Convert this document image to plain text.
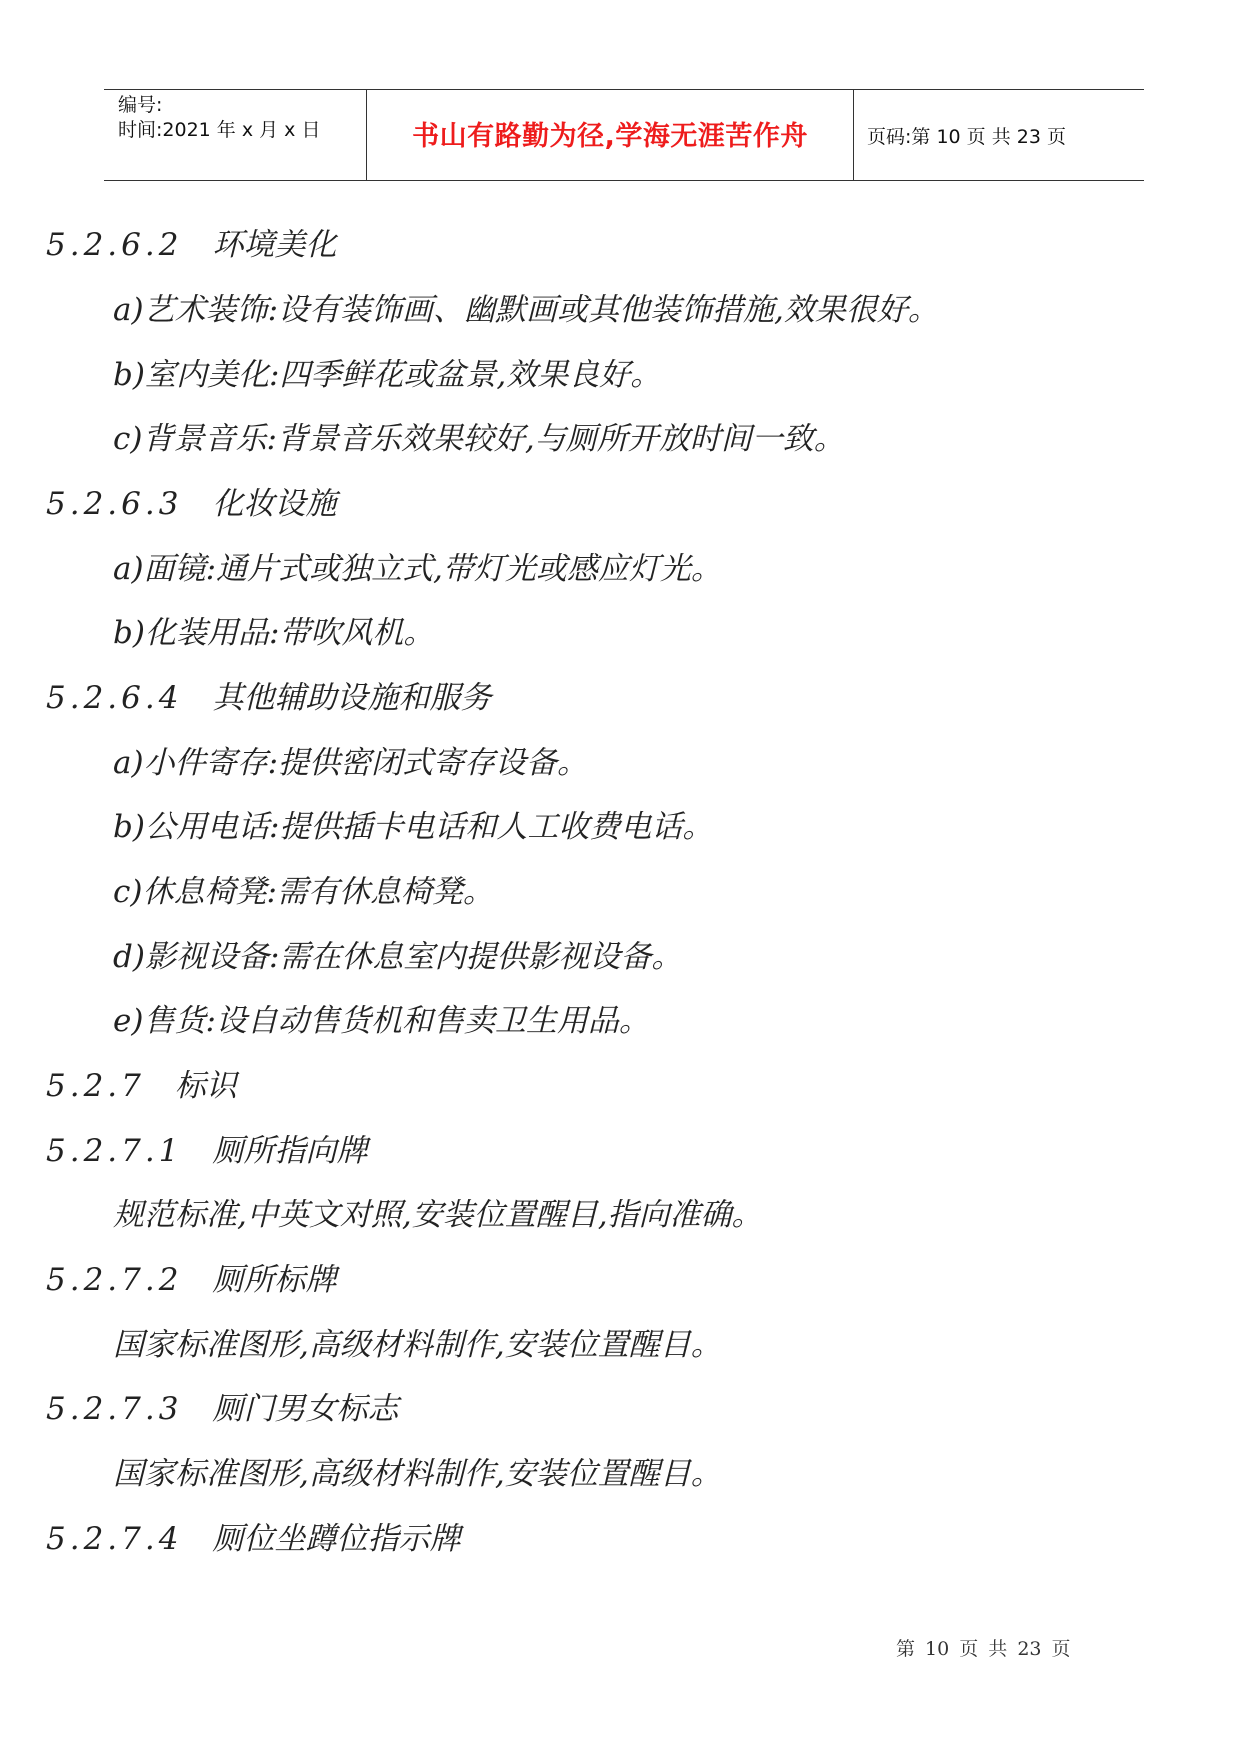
编号:
时间:2021 年 x 月 x 日	书山有路勤为径,学海无涯苦作舟	页码:第 10 页 共 23 页
5.2.6.2 环境美化
a)艺术装饰:设有装饰画、幽默画或其他装饰措施,效果很好。
b)室内美化:四季鲜花或盆景,效果良好。
c)背景音乐:背景音乐效果较好,与厕所开放时间一致。
5.2.6.3 化妆设施
a)面镜:通片式或独立式,带灯光或感应灯光。
b)化装用品:带吹风机。
5.2.6.4 其他辅助设施和服务
a)小件寄存:提供密闭式寄存设备。
b)公用电话:提供插卡电话和人工收费电话。
c)休息椅凳:需有休息椅凳。
d)影视设备:需在休息室内提供影视设备。
e)售货:设自动售货机和售卖卫生用品。
5.2.7 标识
5.2.7.1 厕所指向牌
规范标准,中英文对照,安装位置醒目,指向准确。
5.2.7.2 厕所标牌
国家标准图形,高级材料制作,安装位置醒目。
5.2.7.3 厕门男女标志
国家标准图形,高级材料制作,安装位置醒目。
5.2.7.4 厕位坐蹲位指示牌
第 10 页 共 23 页
